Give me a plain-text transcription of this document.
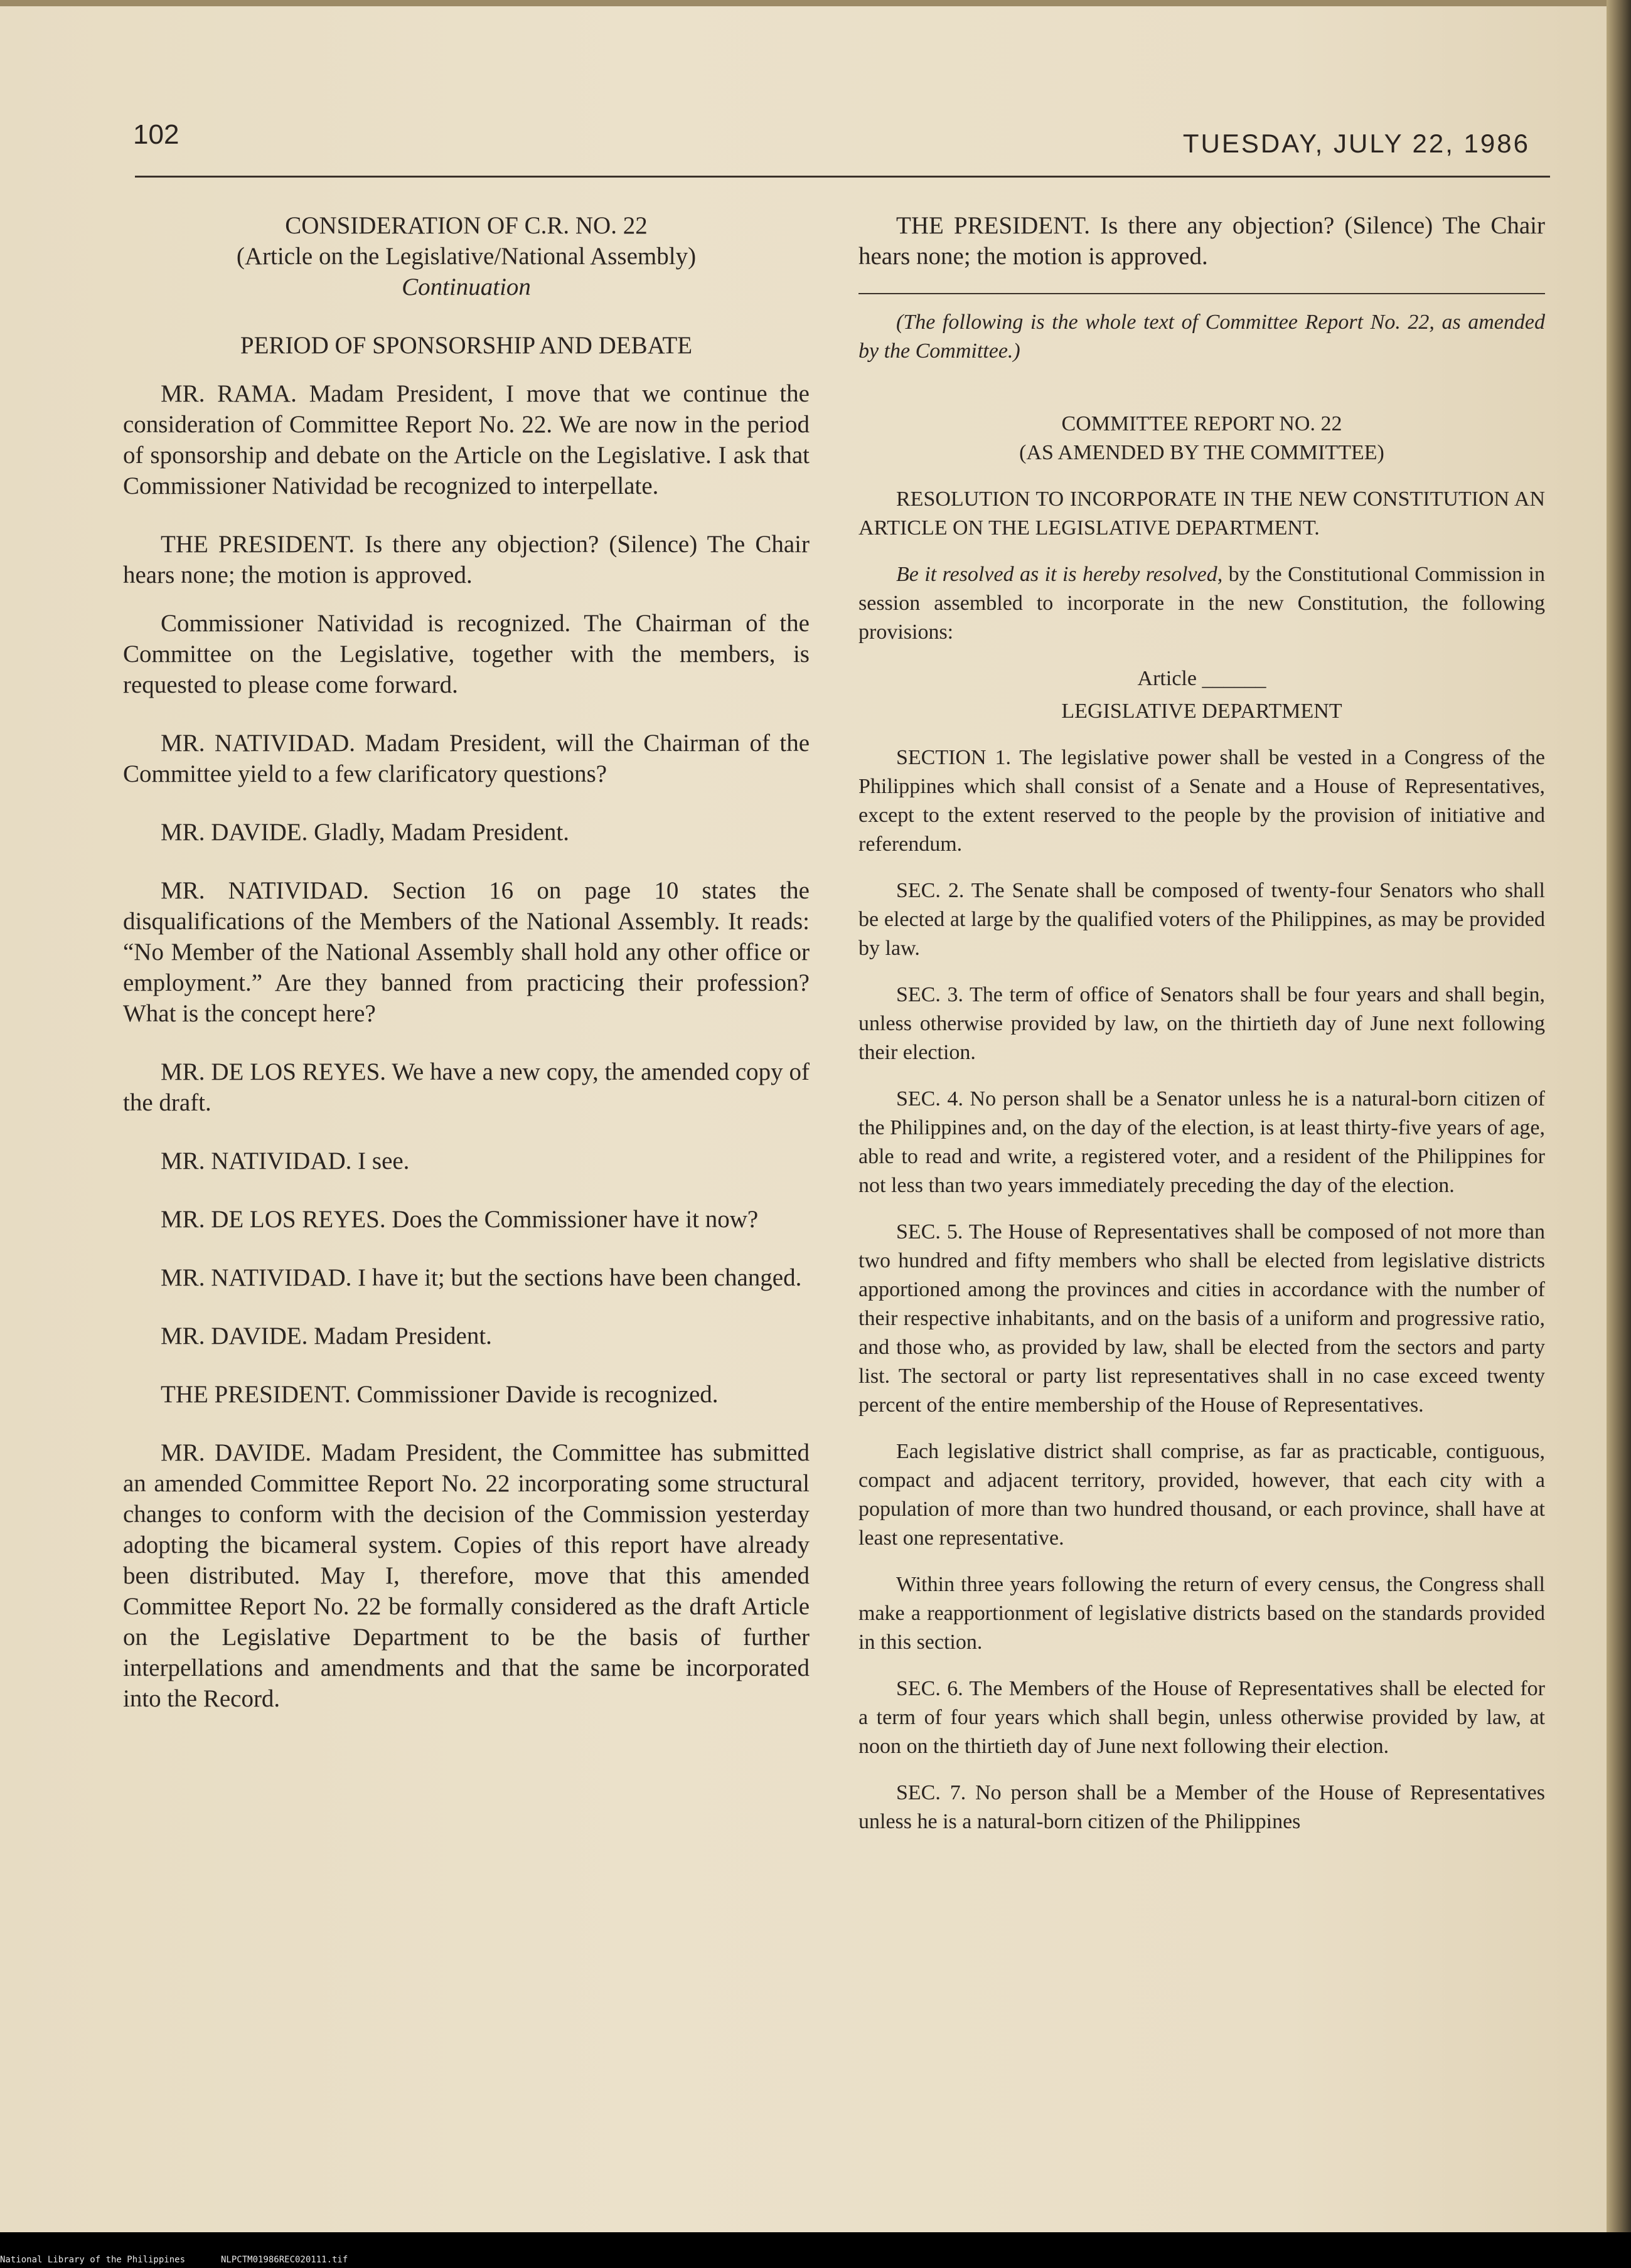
102	TUESDAY, JULY 22, 1986
CONSIDERATION OF C.R. NO. 22
(Article on the Legislative/National Assembly)
Continuation
PERIOD OF SPONSORSHIP AND DEBATE

MR. RAMA. Madam President, I move that we continue the consideration of Committee Report No. 22. We are now in the period of sponsorship and debate on the Article on the Legislative. I ask that Commissioner Natividad be recognized to interpellate.

THE PRESIDENT. Is there any objection? (Silence) The Chair hears none; the motion is approved.

Commissioner Natividad is recognized. The Chairman of the Committee on the Legislative, together with the members, is requested to please come forward.

MR. NATIVIDAD. Madam President, will the Chairman of the Committee yield to a few clarificatory questions?

MR. DAVIDE. Gladly, Madam President.

MR. NATIVIDAD. Section 16 on page 10 states the disqualifications of the Members of the National Assembly. It reads: “No Member of the National Assembly shall hold any other office or employment.” Are they banned from practicing their profession? What is the concept here?

MR. DE LOS REYES. We have a new copy, the amended copy of the draft.

MR. NATIVIDAD. I see.

MR. DE LOS REYES. Does the Commissioner have it now?

MR. NATIVIDAD. I have it; but the sections have been changed.

MR. DAVIDE. Madam President.

THE PRESIDENT. Commissioner Davide is recognized.

MR. DAVIDE. Madam President, the Committee has submitted an amended Committee Report No. 22 incorporating some structural changes to conform with the decision of the Commission yesterday adopting the bicameral system. Copies of this report have already been distributed. May I, therefore, move that this amended Committee Report No. 22 be formally considered as the draft Article on the Legislative Department to be the basis of further interpellations and amendments and that the same be incorporated into the Record.

THE PRESIDENT. Is there any objection? (Silence) The Chair hears none; the motion is approved.

(The following is the whole text of Committee Report No. 22, as amended by the Committee.)

COMMITTEE REPORT NO. 22
(AS AMENDED BY THE COMMITTEE)

RESOLUTION TO INCORPORATE IN THE NEW CONSTITUTION AN ARTICLE ON THE LEGISLATIVE DEPARTMENT.

Be it resolved as it is hereby resolved, by the Constitutional Commission in session assembled to incorporate in the new Constitution, the following provisions:

Article ______
LEGISLATIVE DEPARTMENT

SECTION 1. The legislative power shall be vested in a Congress of the Philippines which shall consist of a Senate and a House of Representatives, except to the extent reserved to the people by the provision of initiative and referendum.

SEC. 2. The Senate shall be composed of twenty-four Senators who shall be elected at large by the qualified voters of the Philippines, as may be provided by law.

SEC. 3. The term of office of Senators shall be four years and shall begin, unless otherwise provided by law, on the thirtieth day of June next following their election.

SEC. 4. No person shall be a Senator unless he is a natural-born citizen of the Philippines and, on the day of the election, is at least thirty-five years of age, able to read and write, a registered voter, and a resident of the Philippines for not less than two years immediately preceding the day of the election.

SEC. 5. The House of Representatives shall be composed of not more than two hundred and fifty members who shall be elected from legislative districts apportioned among the provinces and cities in accordance with the number of their respective inhabitants, and on the basis of a uniform and progressive ratio, and those who, as provided by law, shall be elected from the sectors and party list. The sectoral or party list representatives shall in no case exceed twenty percent of the entire membership of the House of Representatives.

Each legislative district shall comprise, as far as practicable, contiguous, compact and adjacent territory, provided, however, that each city with a population of more than two hundred thousand, or each province, shall have at least one representative.

Within three years following the return of every census, the Congress shall make a reapportionment of legislative districts based on the standards provided in this section.

SEC. 6. The Members of the House of Representatives shall be elected for a term of four years which shall begin, unless otherwise provided by law, at noon on the thirtieth day of June next following their election.

SEC. 7. No person shall be a Member of the House of Representatives unless he is a natural-born citizen of the Philippines

National Library of the Philippines	NLPCTM01986REC020111.tif
